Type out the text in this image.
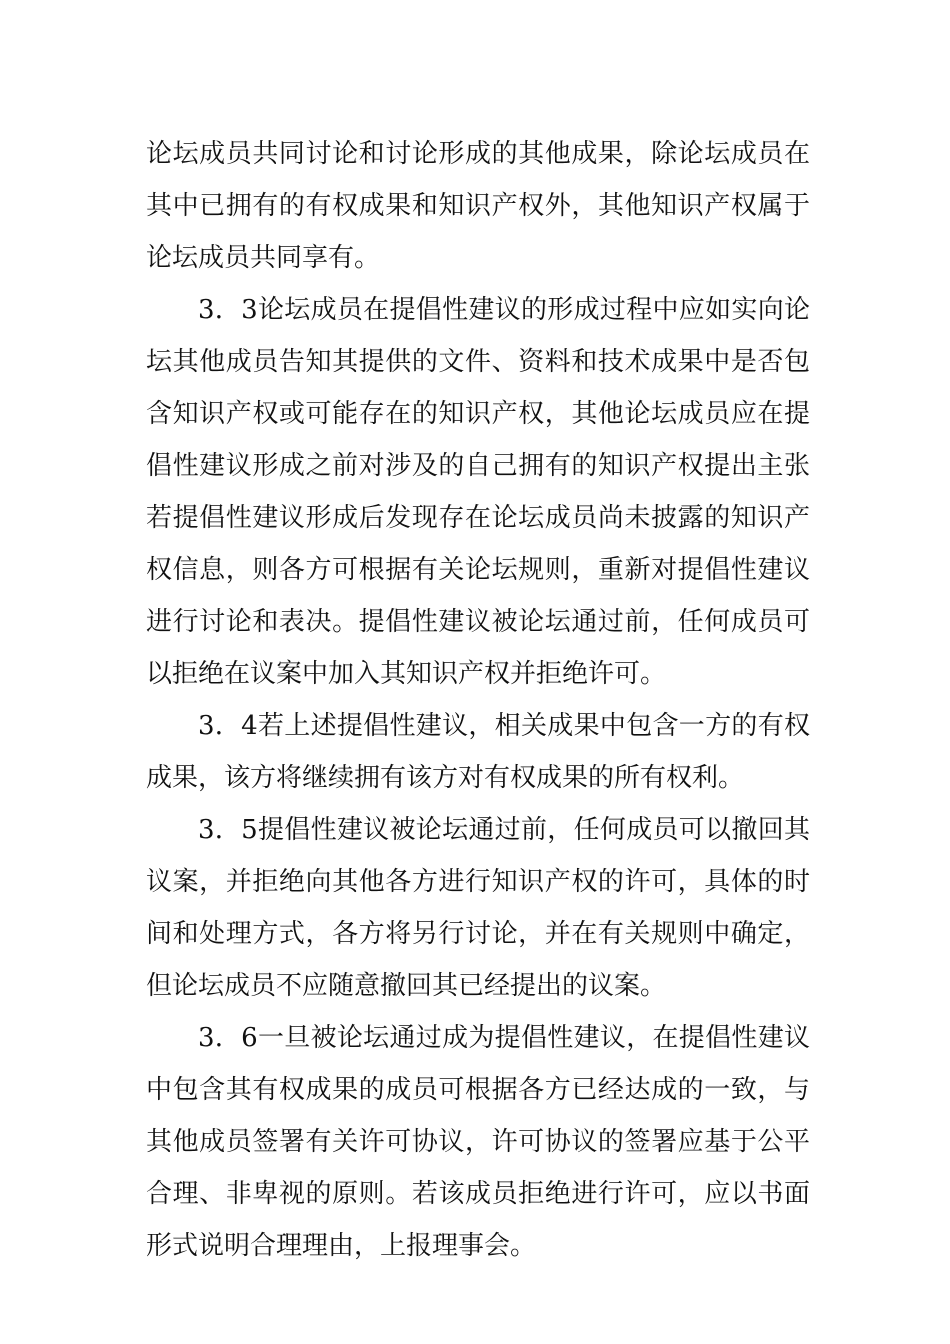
论坛成员共同讨论和讨论形成的其他成果，除论坛成员在其中已拥有的有权成果和知识产权外，其他知识产权属于论坛成员共同享有。

3．3论坛成员在提倡性建议的形成过程中应如实向论坛其他成员告知其提供的文件、资料和技术成果中是否包含知识产权或可能存在的知识产权，其他论坛成员应在提倡性建议形成之前对涉及的自己拥有的知识产权提出主张若提倡性建议形成后发现存在论坛成员尚未披露的知识产权信息，则各方可根据有关论坛规则，重新对提倡性建议进行讨论和表决。提倡性建议被论坛通过前，任何成员可以拒绝在议案中加入其知识产权并拒绝许可。

3．4若上述提倡性建议，相关成果中包含一方的有权成果，该方将继续拥有该方对有权成果的所有权利。

3．5提倡性建议被论坛通过前，任何成员可以撤回其议案，并拒绝向其他各方进行知识产权的许可，具体的时间和处理方式，各方将另行讨论，并在有关规则中确定，但论坛成员不应随意撤回其已经提出的议案。

3．6一旦被论坛通过成为提倡性建议，在提倡性建议中包含其有权成果的成员可根据各方已经达成的一致，与其他成员签署有关许可协议，许可协议的签署应基于公平合理、非卑视的原则。若该成员拒绝进行许可，应以书面形式说明合理理由，上报理事会。
